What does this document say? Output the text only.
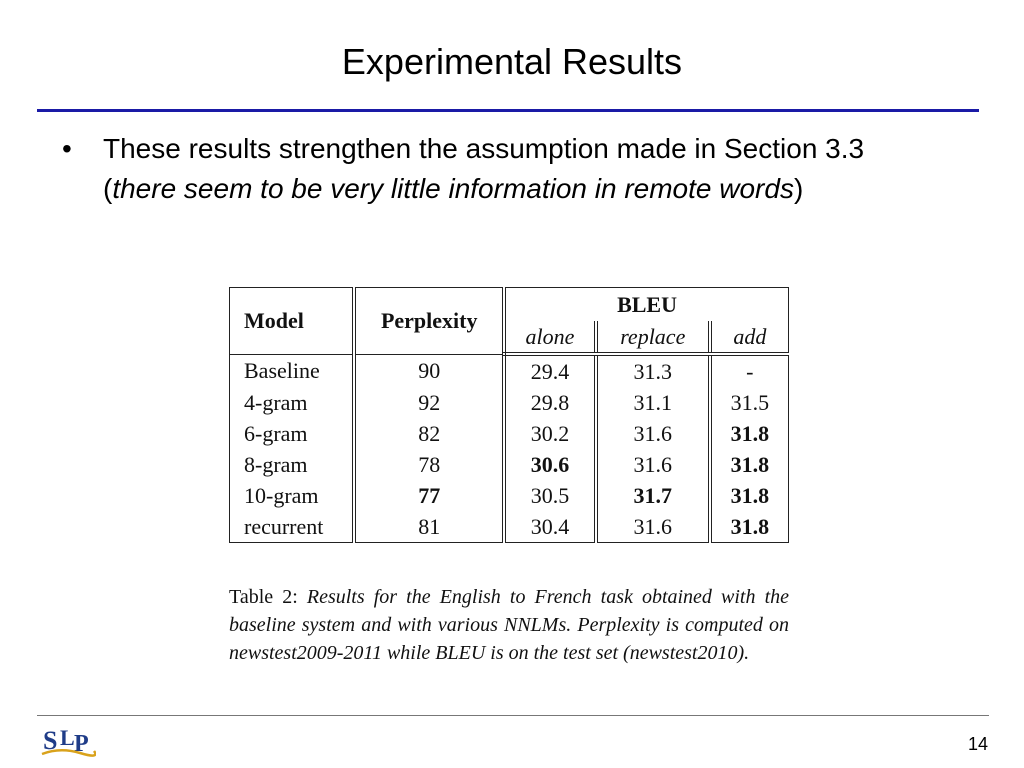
Experimental Results
• These results strengthen the assumption made in Section 3.3 (there seem to be very little information in remote words)
Model	Perplexity	BLEU		
		alone	replace	add
Baseline	90	29.4	31.3	-
4-gram	92	29.8	31.1	31.5
6-gram	82	30.2	31.6	31.8
8-gram	78	30.6	31.6	31.8
10-gram	77	30.5	31.7	31.8
recurrent	81	30.4	31.6	31.8
Table 2: Results for the English to French task obtained with the baseline system and with various NNLMs. Perplexity is computed on newstest2009-2011 while BLEU is on the test set (newstest2010).
S L P	14
